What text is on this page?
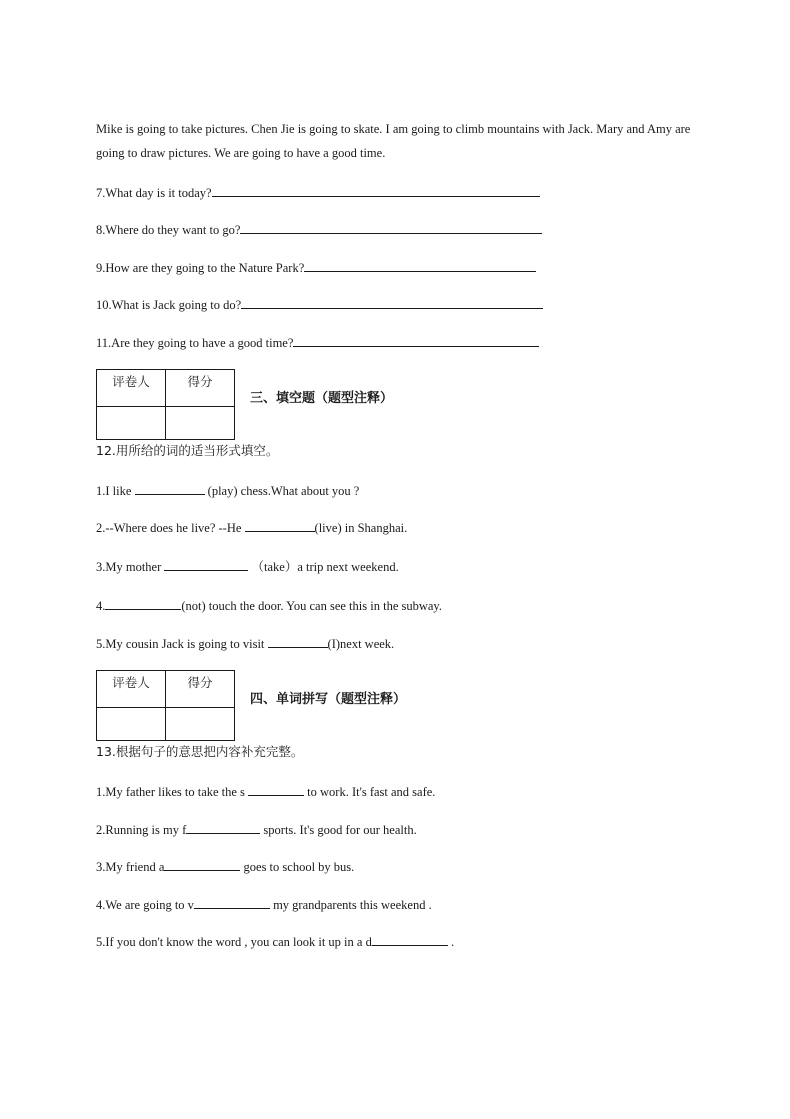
Mike is going to take pictures. Chen Jie is going to skate. I am going to climb mountains with Jack. Mary and Amy are going to draw pictures. We are going to have a good time.
7.What day is it today?
8.Where do they want to go?
9.How are they going to the Nature Park?
10.What is Jack going to do?
11.Are they going to have a good time?
评卷人	得分

三、填空题（题型注释）
12.用所给的词的适当形式填空。
1.I like	(play) chess.What about you ?
2.--Where does he live? --He	(live) in Shanghai.
3.My mother	（take）a trip next weekend.
4.	(not) touch the door. You can see this in the subway.
5.My cousin Jack is going to visit	(I)next week.
评卷人	得分

四、单词拼写（题型注释）
13.根据句子的意思把内容补充完整。
1.My father likes to take the s	to work. It's fast and safe.
2.Running is my f	sports. It's good for our health.
3.My friend a	goes to school by bus.
4.We are going to v	my grandparents this weekend .
5.If you don't know the word , you can look it up in a d	.
